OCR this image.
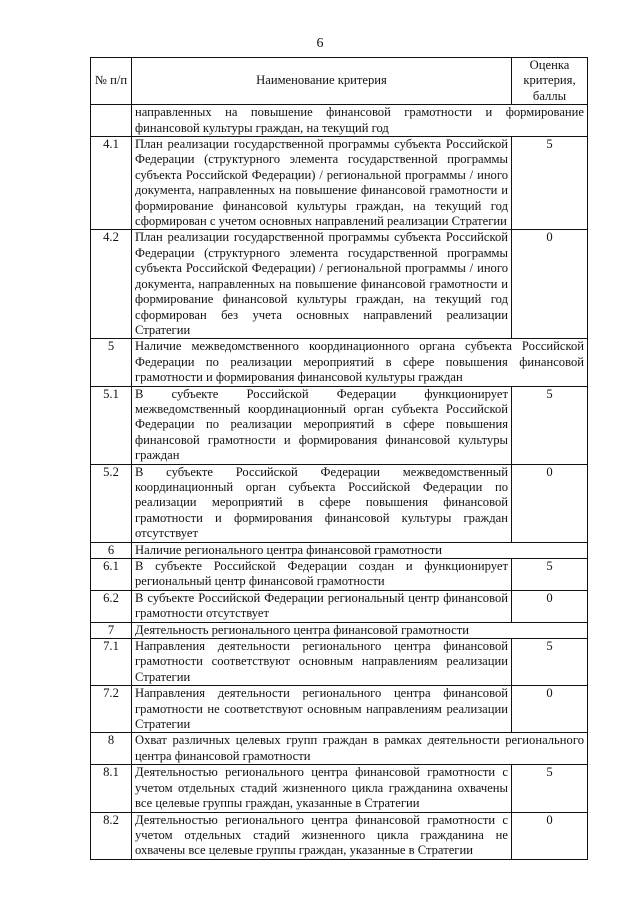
6
№ п/п	Наименование критерия	Оценка критерия, баллы
	направленных на повышение финансовой грамотности и формирование финансовой культуры граждан, на текущий год	
4.1	План реализации государственной программы субъекта Российской Федерации (структурного элемента государственной программы субъекта Российской Федерации) / региональной программы / иного документа, направленных на повышение финансовой грамотности и формирование финансовой культуры граждан, на текущий год сформирован с учетом основных направлений реализации Стратегии	5
4.2	План реализации государственной программы субъекта Российской Федерации (структурного элемента государственной программы субъекта Российской Федерации) / региональной программы / иного документа, направленных на повышение финансовой грамотности и формирование финансовой культуры граждан, на текущий год сформирован без учета основных направлений реализации Стратегии	0
5	Наличие межведомственного координационного органа субъекта Российской Федерации по реализации мероприятий в сфере повышения финансовой грамотности и формирования финансовой культуры граждан	
5.1	В субъекте Российской Федерации функционирует межведомственный координационный орган субъекта Российской Федерации по реализации мероприятий в сфере повышения финансовой грамотности и формирования финансовой культуры граждан	5
5.2	В субъекте Российской Федерации межведомственный координационный орган субъекта Российской Федерации по реализации мероприятий в сфере повышения финансовой грамотности и формирования финансовой культуры граждан отсутствует	0
6	Наличие регионального центра финансовой грамотности	
6.1	В субъекте Российской Федерации создан и функционирует региональный центр финансовой грамотности	5
6.2	В субъекте Российской Федерации региональный центр финансовой грамотности отсутствует	0
7	Деятельность регионального центра финансовой грамотности	
7.1	Направления деятельности регионального центра финансовой грамотности соответствуют основным направлениям реализации Стратегии	5
7.2	Направления деятельности регионального центра финансовой грамотности не соответствуют основным направлениям реализации Стратегии	0
8	Охват различных целевых групп граждан в рамках деятельности регионального центра финансовой грамотности	
8.1	Деятельностью регионального центра финансовой грамотности с учетом отдельных стадий жизненного цикла гражданина охвачены все целевые группы граждан, указанные в Стратегии	5
8.2	Деятельностью регионального центра финансовой грамотности с учетом отдельных стадий жизненного цикла гражданина не охвачены все целевые группы граждан, указанные в Стратегии	0
